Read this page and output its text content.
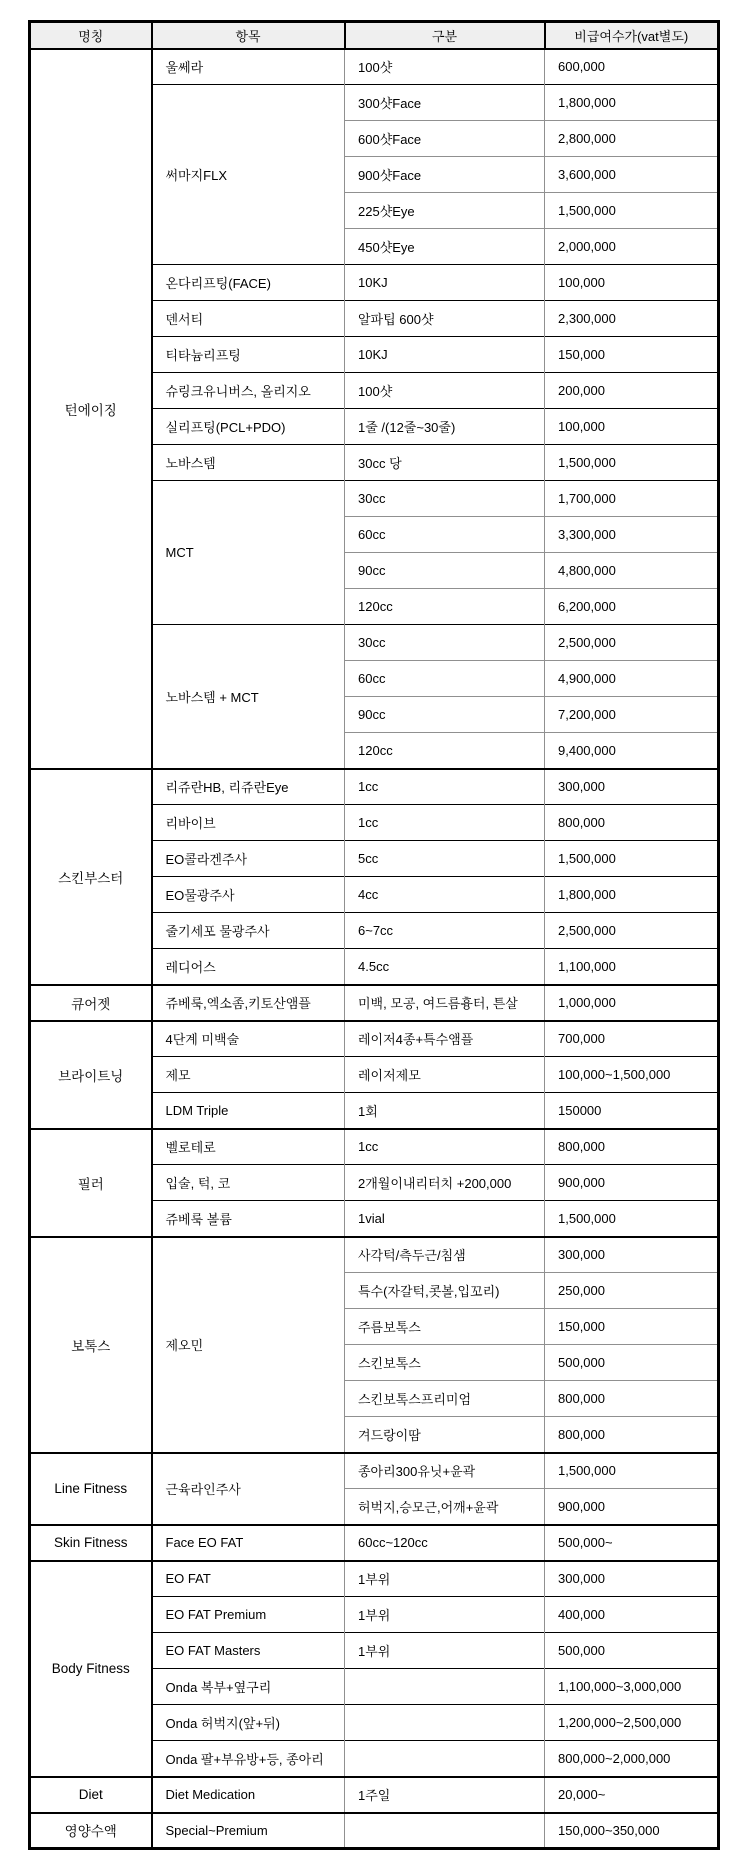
명칭	항목	구분	비급여수가(vat별도)
턴에이징	울쎄라	100샷	600,000
	써마지FLX	300샷Face	1,800,000
		600샷Face	2,800,000
		900샷Face	3,600,000
		225샷Eye	1,500,000
		450샷Eye	2,000,000
	온다리프팅(FACE)	10KJ	100,000
	덴서티	알파팁 600샷	2,300,000
	티타늄리프팅	10KJ	150,000
	슈링크유니버스, 올리지오	100샷	200,000
	실리프팅(PCL+PDO)	1줄 /(12줄~30줄)	100,000
	노바스템	30cc 당	1,500,000
	MCT	30cc	1,700,000
		60cc	3,300,000
		90cc	4,800,000
		120cc	6,200,000
	노바스템 + MCT	30cc	2,500,000
		60cc	4,900,000
		90cc	7,200,000
		120cc	9,400,000
스킨부스터	리쥬란HB, 리쥬란Eye	1cc	300,000
	리바이브	1cc	800,000
	EO콜라겐주사	5cc	1,500,000
	EO물광주사	4cc	1,800,000
	줄기세포 물광주사	6~7cc	2,500,000
	레디어스	4.5cc	1,100,000
큐어젯	쥬베룩,엑소좀,키토산앰플	미백, 모공, 여드름흉터, 튼살	1,000,000
브라이트닝	4단계 미백술	레이저4종+특수앰플	700,000
	제모	레이저제모	100,000~1,500,000
	LDM Triple	1회	150000
필러	벨로테로	1cc	800,000
	입술, 턱, 코	2개월이내리터치 +200,000	900,000
	쥬베룩 볼륨	1vial	1,500,000
보톡스	제오민	사각턱/측두근/침샘	300,000
		특수(자갈턱,콧볼,입꼬리)	250,000
		주름보톡스	150,000
		스킨보톡스	500,000
		스킨보톡스프리미엄	800,000
		겨드랑이땀	800,000
Line Fitness	근육라인주사	종아리300유닛+윤곽	1,500,000
		허벅지,승모근,어깨+윤곽	900,000
Skin Fitness	Face EO FAT	60cc~120cc	500,000~
Body Fitness	EO FAT	1부위	300,000
	EO FAT Premium	1부위	400,000
	EO FAT Masters	1부위	500,000
	Onda 복부+옆구리		1,100,000~3,000,000
	Onda 허벅지(앞+뒤)		1,200,000~2,500,000
	Onda 팔+부유방+등, 종아리		800,000~2,000,000
Diet	Diet Medication	1주일	20,000~
영양수액	Special~Premium		150,000~350,000
